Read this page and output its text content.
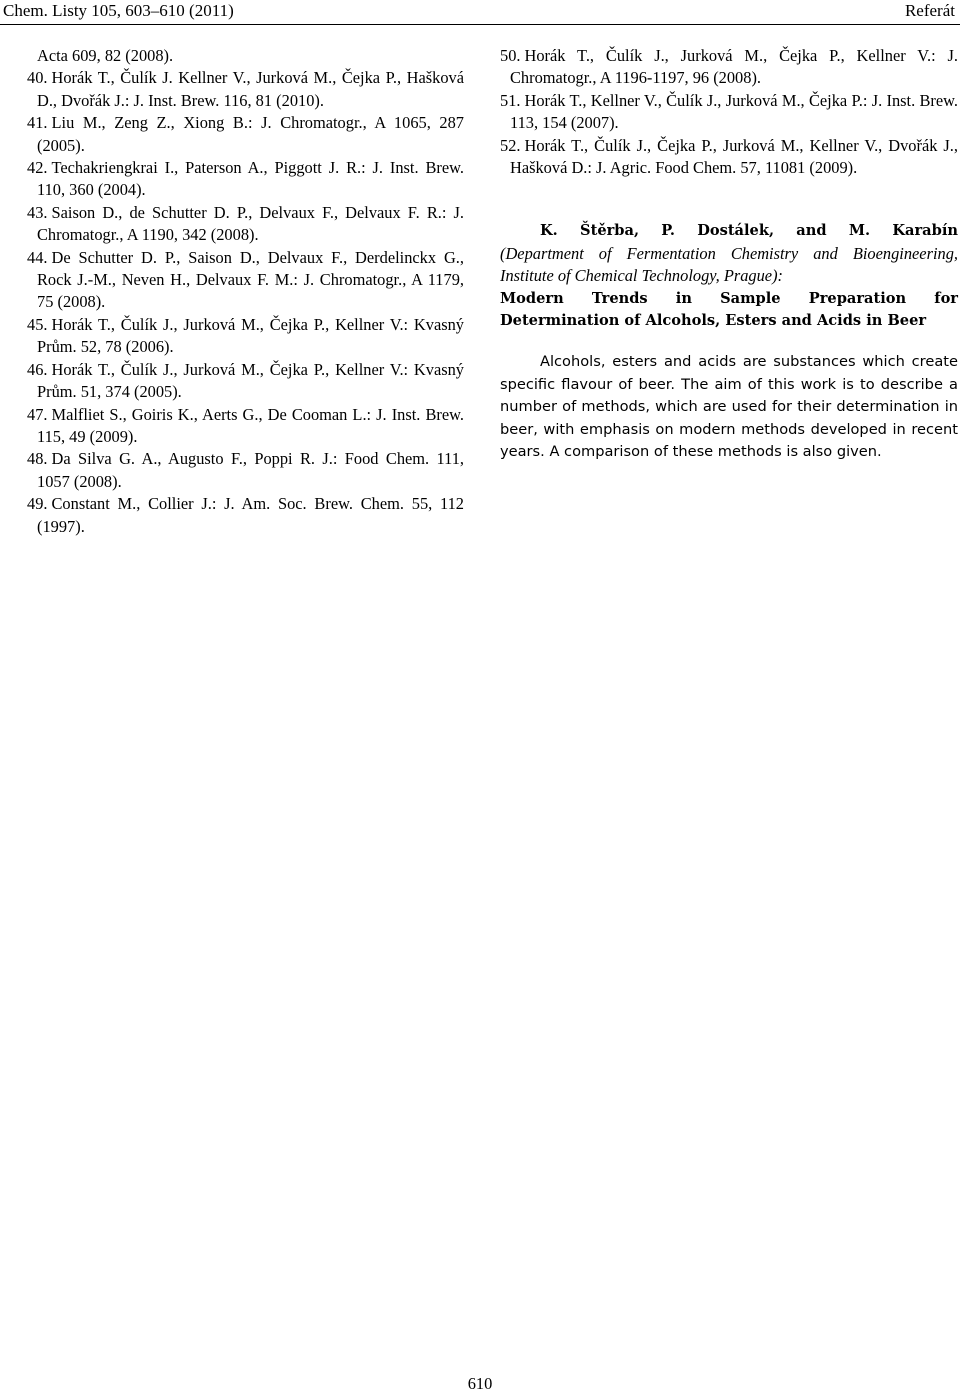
Chem. Listy 105, 603–610 (2011)	Referát

Acta 609, 82 (2008).

40. Horák T., Čulík J. Kellner V., Jurková M., Čejka P., Hašková D., Dvořák J.: J. Inst. Brew. 116, 81 (2010).

41. Liu M., Zeng Z., Xiong B.: J. Chromatogr., A 1065, 287 (2005).

42. Techakriengkrai I., Paterson A., Piggott J. R.: J. Inst. Brew. 110, 360 (2004).

43. Saison D., de Schutter D. P., Delvaux F., Delvaux F. R.: J. Chromatogr., A 1190, 342 (2008).

44. De Schutter D. P., Saison D., Delvaux F., Derdelinckx G., Rock J.-M., Neven H., Delvaux F. M.: J. Chromatogr., A 1179, 75 (2008).

45. Horák T., Čulík J., Jurková M., Čejka P., Kellner V.: Kvasný Prům. 52, 78 (2006).

46. Horák T., Čulík J., Jurková M., Čejka P., Kellner V.: Kvasný Prům. 51, 374 (2005).

47. Malfliet S., Goiris K., Aerts G., De Cooman L.: J. Inst. Brew. 115, 49 (2009).

48. Da Silva G. A., Augusto F., Poppi R. J.: Food Chem. 111, 1057 (2008).

49. Constant M., Collier J.: J. Am. Soc. Brew. Chem. 55, 112 (1997).

50. Horák T., Čulík J., Jurková M., Čejka P., Kellner V.: J. Chromatogr., A 1196-1197, 96 (2008).

51. Horák T., Kellner V., Čulík J., Jurková M., Čejka P.: J. Inst. Brew. 113, 154 (2007).

52. Horák T., Čulík J., Čejka P., Jurková M., Kellner V., Dvořák J., Hašková D.: J. Agric. Food Chem. 57, 11081 (2009).

K. Štěrba, P. Dostálek, and M. Karabín

(Department of Fermentation Chemistry and Bioengineering, Institute of Chemical Technology, Prague):

Modern Trends in Sample Preparation for Determination of Alcohols, Esters and Acids in Beer

Alcohols, esters and acids are substances which create specific flavour of beer. The aim of this work is to describe a number of methods, which are used for their determination in beer, with emphasis on modern methods developed in recent years. A comparison of these methods is also given.

610
